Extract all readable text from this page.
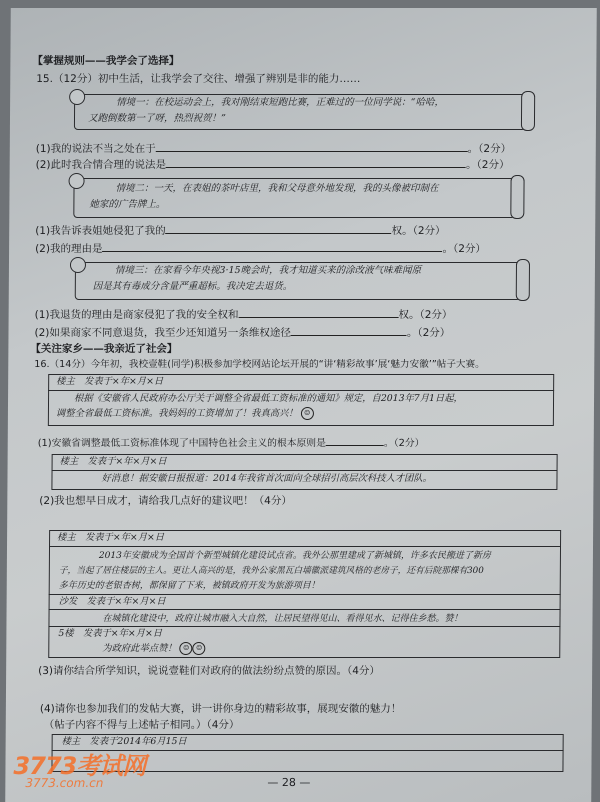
【掌握规则——我学会了选择】
15.（12分）初中生活，让我学会了交往、增强了辨别是非的能力……
情境一：在校运动会上，我对刚结束短跑比赛，正难过的一位同学说：“哈哈，
又跑倒数第一了呀，热烈祝贺！”
(1)我的说法不当之处在于	。（2分）
(2)此时我合情合理的说法是	。（2分）
情境二：一天，在表姐的茶叶店里，我和父母意外地发现，我的头像被印制在
她家的广告牌上。
(1)我告诉表姐她侵犯了我的	权。（2分）
(2)我的理由是	。（2分）
情境三：在家看今年央视3·15晚会时，我才知道买来的涂改液气味难闻原
因是其有毒成分含量严重超标。我决定去退货。
(1)我退货的理由是商家侵犯了我的安全权和	权。（2分）
(2)如果商家不同意退货，我至少还知道另一条维权途径	。（2分）
【关注家乡——我亲近了社会】
16.（14分）今年初，我校壹鞋(同学)积极参加学校网站论坛开展的“讲‘精彩故事’展‘魅力安徽’”帖子大赛。
楼主　发表于×年×月×日
根据《安徽省人民政府办公厅关于调整全省最低工资标准的通知》规定，自2013年7月1日起，
调整全省最低工资标准。我妈妈的工资增加了！我真高兴！ ☺
(1)安徽省调整最低工资标准体现了中国特色社会主义的根本原则是	。（2分）
楼主　发表于×年×月×日
好消息！据安徽日报报道：2014年我省首次面向全球招引高层次科技人才团队。
(2)我也想早日成才，请给我几点好的建议吧！（4分）
楼主　发表于×年×月×日
2013年安徽成为全国首个新型城镇化建设试点省。我外公那里建成了新城镇，许多农民搬进了新房
子，当起了居住楼层的主人。更让人高兴的是，我外公家黑瓦白墙徽派建筑风格的老房子，还有后院那棵有300
多年历史的老银杏树，都保留了下来，被镇政府开发为旅游项目！
沙发　发表于×年×月×日
在城镇化建设中，政府让城市融入大自然，让居民望得见山、看得见水、记得住乡愁。赞！
5楼　发表于×年×月×日
为政府此举点赞！ ☺ ☺
(3)请你结合所学知识，说说壹鞋们对政府的做法纷纷点赞的原因。（4分）
(4)请你也参加我们的发帖大赛，讲一讲你身边的精彩故事，展现安徽的魅力！
（帖子内容不得与上述帖子相同。）（4分）
楼主　发表于2014年6月15日
— 28 —
3773考试网
3773.com.cn
